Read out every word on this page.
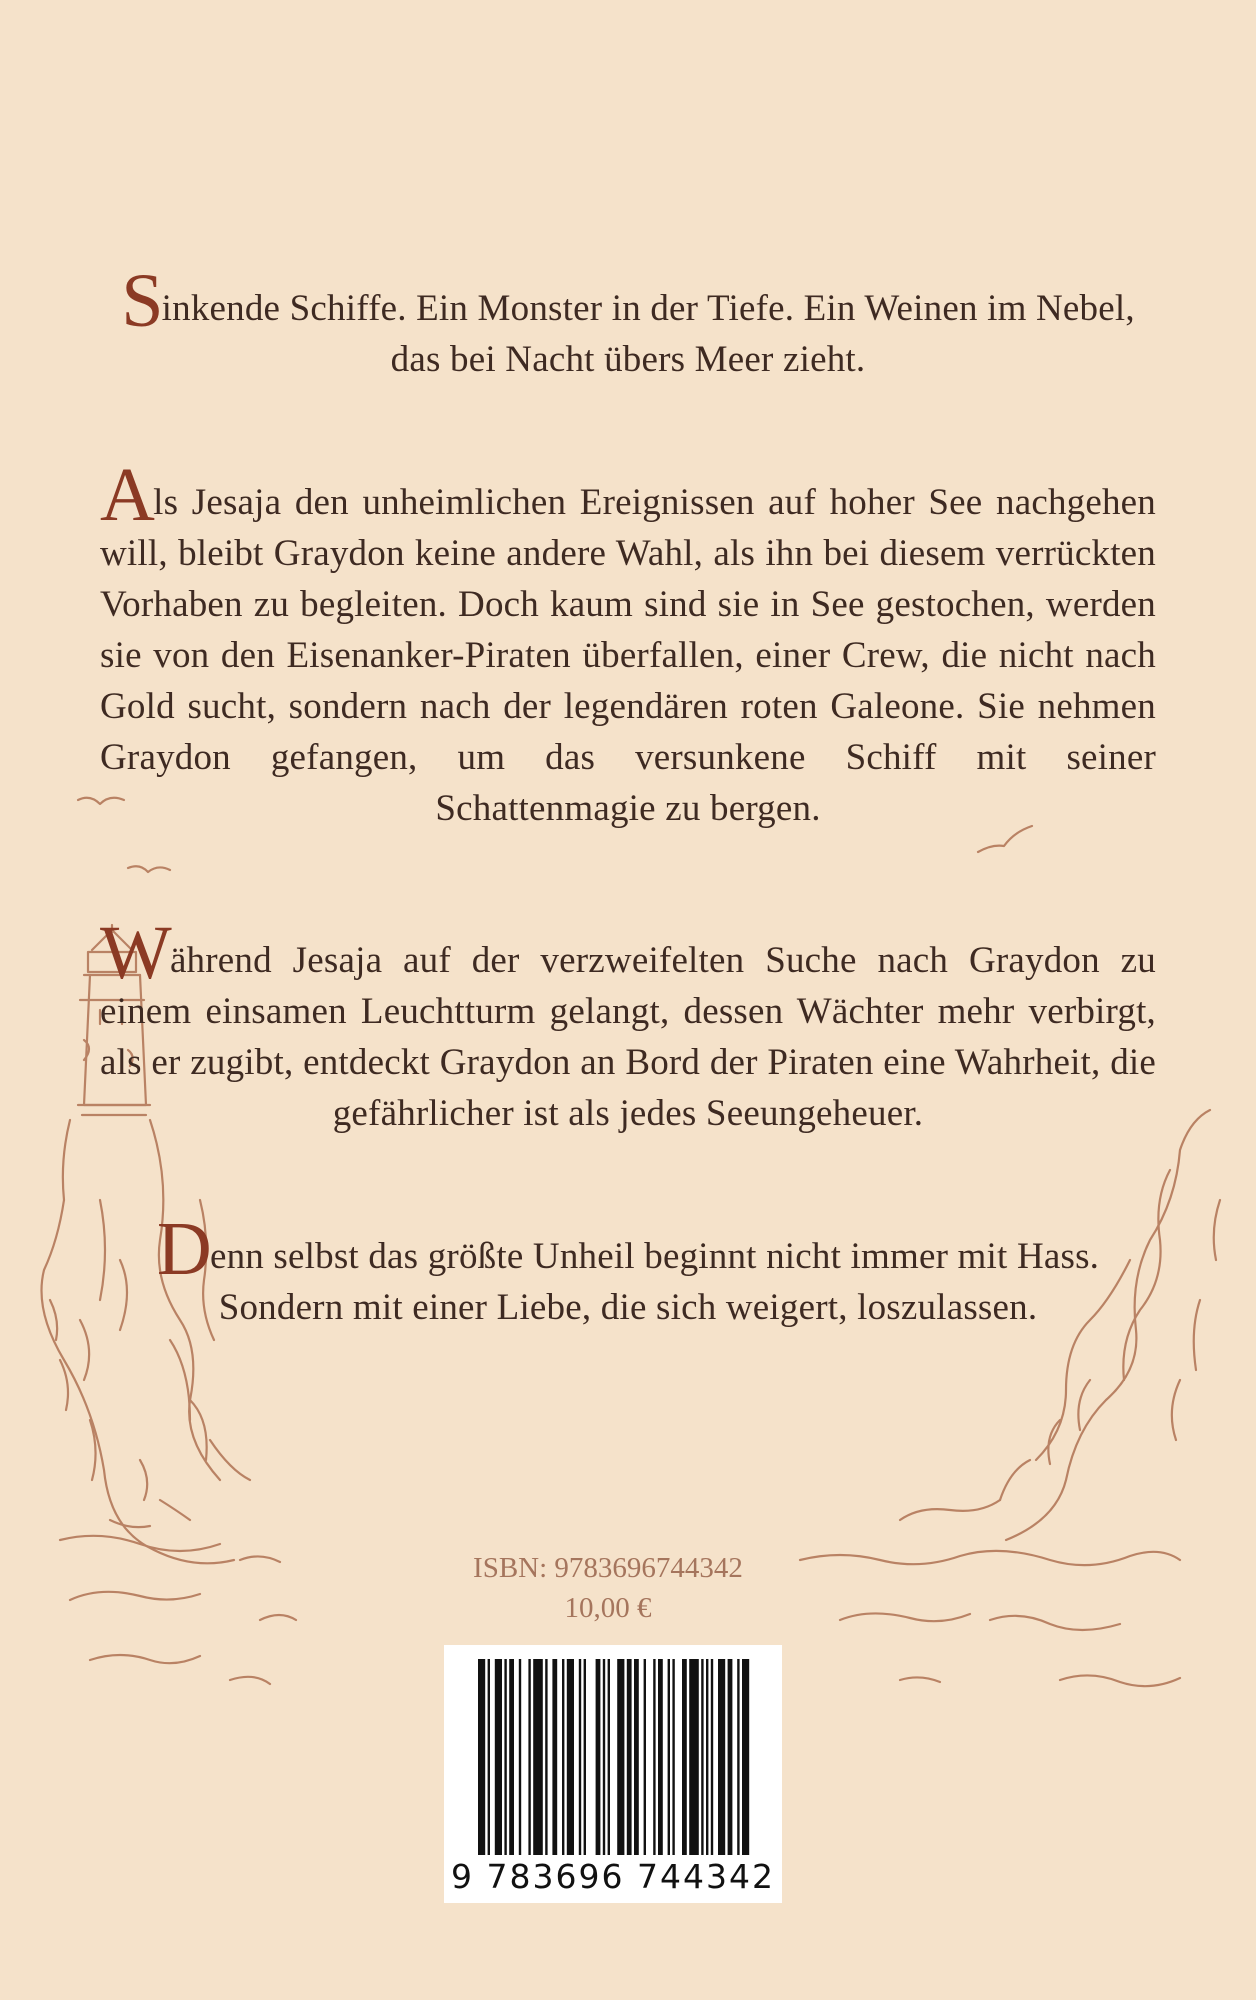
Sinkende Schiffe. Ein Monster in der Tiefe. Ein Weinen im Nebel, das bei Nacht übers Meer zieht.

Als Jesaja den unheimlichen Ereignissen auf hoher See nachgehen will, bleibt Graydon keine andere Wahl, als ihn bei diesem verrückten Vorhaben zu begleiten. Doch kaum sind sie in See gestochen, werden sie von den Eisenanker-Piraten überfallen, einer Crew, die nicht nach Gold sucht, sondern nach der legendären roten Galeone. Sie nehmen Graydon gefangen, um das versunkene Schiff mit seiner Schattenmagie zu bergen.

Während Jesaja auf der verzweifelten Suche nach Graydon zu einem einsamen Leuchtturm gelangt, dessen Wächter mehr verbirgt, als er zugibt, entdeckt Graydon an Bord der Piraten eine Wahrheit, die gefährlicher ist als jedes Seeungeheuer.

Denn selbst das größte Unheil beginnt nicht immer mit Hass. Sondern mit einer Liebe, die sich weigert, loszulassen.

ISBN: 9783696744342
10,00 €
9 783696 744342
